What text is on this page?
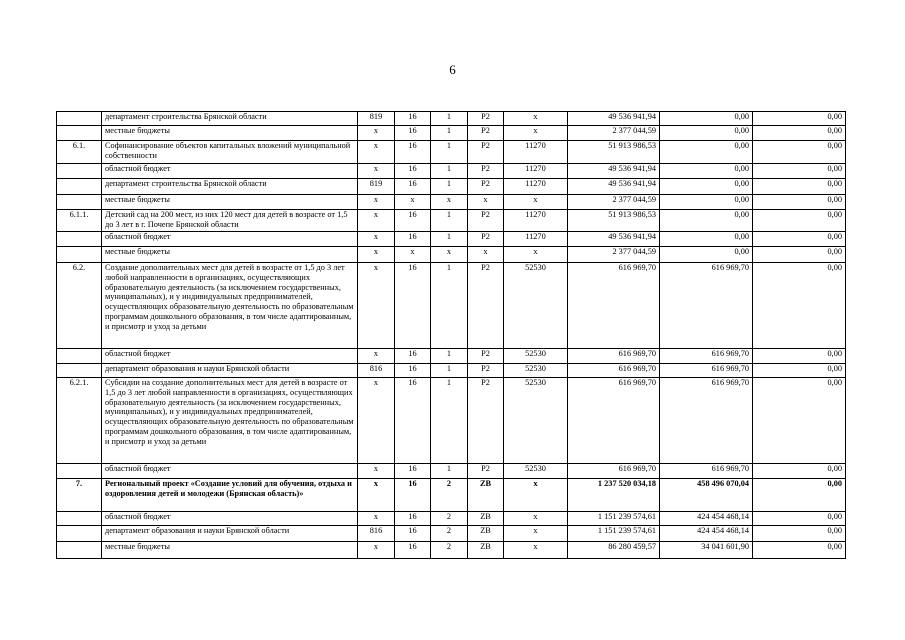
6
	департамент строительства Брянской области	819	16	1	P2	x	49 536 941,94	0,00	0,00
	местные бюджеты	x	16	1	P2	x	2 377 044,59	0,00	0,00
6.1.	Софинансирование объектов капитальных вложений муниципальной собственности	x	16	1	P2	11270	51 913 986,53	0,00	0,00
	областной бюджет	x	16	1	P2	11270	49 536 941,94	0,00	0,00
	департамент строительства Брянской области	819	16	1	P2	11270	49 536 941,94	0,00	0,00
	местные бюджеты	x	x	x	x	x	2 377 044,59	0,00	0,00
6.1.1.	Детский сад на 200 мест, из них 120 мест для детей в возрасте от 1,5 до 3 лет в г. Почепе Брянской области	x	16	1	P2	11270	51 913 986,53	0,00	0,00
	областной бюджет	x	16	1	P2	11270	49 536 941,94	0,00	0,00
	местные бюджеты	x	x	x	x	x	2 377 044,59	0,00	0,00
6.2.	Создание дополнительных мест для детей в возрасте от 1,5 до 3 лет любой направленности в организациях, осуществляющих образовательную деятельность (за исключением государственных, муниципальных), и у индивидуальных предпринимателей, осуществляющих образовательную деятельность по образовательным программам дошкольного образования, в том числе адаптированным, и присмотр и уход за детьми	x	16	1	P2	52530	616 969,70	616 969,70	0,00
	областной бюджет	x	16	1	P2	52530	616 969,70	616 969,70	0,00
	департамент образования и науки Брянской области	816	16	1	P2	52530	616 969,70	616 969,70	0,00
6.2.1.	Субсидии на создание дополнительных мест для детей в возрасте от 1,5 до 3 лет любой направленности в организациях, осуществляющих образовательную деятельность (за исключением государственных, муниципальных), и у индивидуальных предпринимателей, осуществляющих образовательную деятельность по образовательным программам дошкольного образования, в том числе адаптированным, и присмотр и уход за детьми	x	16	1	P2	52530	616 969,70	616 969,70	0,00
	областной бюджет	x	16	1	P2	52530	616 969,70	616 969,70	0,00
7.	Региональный проект «Создание условий для обучения, отдыха и оздоровления детей и молодежи (Брянская область)»	x	16	2	ZB	x	1 237 520 034,18	458 496 070,04	0,00
	областной бюджет	x	16	2	ZB	x	1 151 239 574,61	424 454 468,14	0,00
	департамент образования и науки Брянской области	816	16	2	ZB	x	1 151 239 574,61	424 454 468,14	0,00
	местные бюджеты	x	16	2	ZB	x	86 280 459,57	34 041 601,90	0,00
